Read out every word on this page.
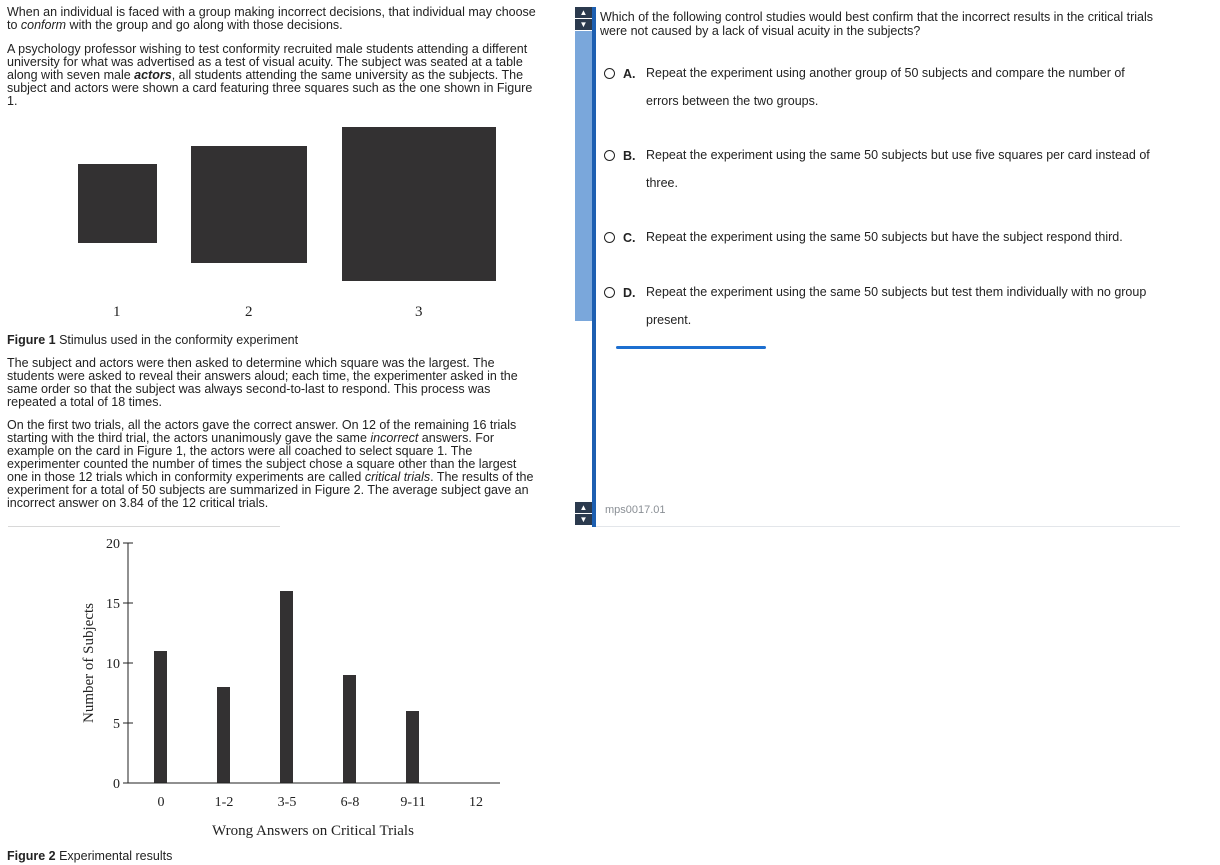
When an individual is faced with a group making incorrect decisions, that individual may choose

to conform with the group and go along with those decisions.

A psychology professor wishing to test conformity recruited male students attending a different

university for what was advertised as a test of visual acuity. The subject was seated at a table

along with seven male actors, all students attending the same university as the subjects. The

subject and actors were shown a card featuring three squares such as the one shown in Figure

1.

1	2	3
Figure 1 Stimulus used in the conformity experiment

The subject and actors were then asked to determine which square was the largest. The

students were asked to reveal their answers aloud; each time, the experimenter asked in the

same order so that the subject was always second-to-last to respond. This process was

repeated a total of 18 times.

On the first two trials, all the actors gave the correct answer. On 12 of the remaining 16 trials

starting with the third trial, the actors unanimously gave the same incorrect answers. For

example on the card in Figure 1, the actors were all coached to select square 1. The

experimenter counted the number of times the subject chose a square other than the largest

one in those 12 trials which in conformity experiments are called critical trials. The results of the

experiment for a total of 50 subjects are summarized in Figure 2. The average subject gave an

incorrect answer on 3.84 of the 12 critical trials.

0
5
10
15
20
0	1-2	3-5	6-8	9-11	12
Wrong Answers on Critical Trials
Number of Subjects
Figure 2 Experimental results
▲
▼
▲
▼
Which of the following control studies would best confirm that the incorrect results in the critical trials
were not caused by a lack of visual acuity in the subjects?
A. Repeat the experiment using another group of 50 subjects and compare the number of
errors between the two groups.
B. Repeat the experiment using the same 50 subjects but use five squares per card instead of
three.
C. Repeat the experiment using the same 50 subjects but have the subject respond third.
D. Repeat the experiment using the same 50 subjects but test them individually with no group
present.
mps0017.01
